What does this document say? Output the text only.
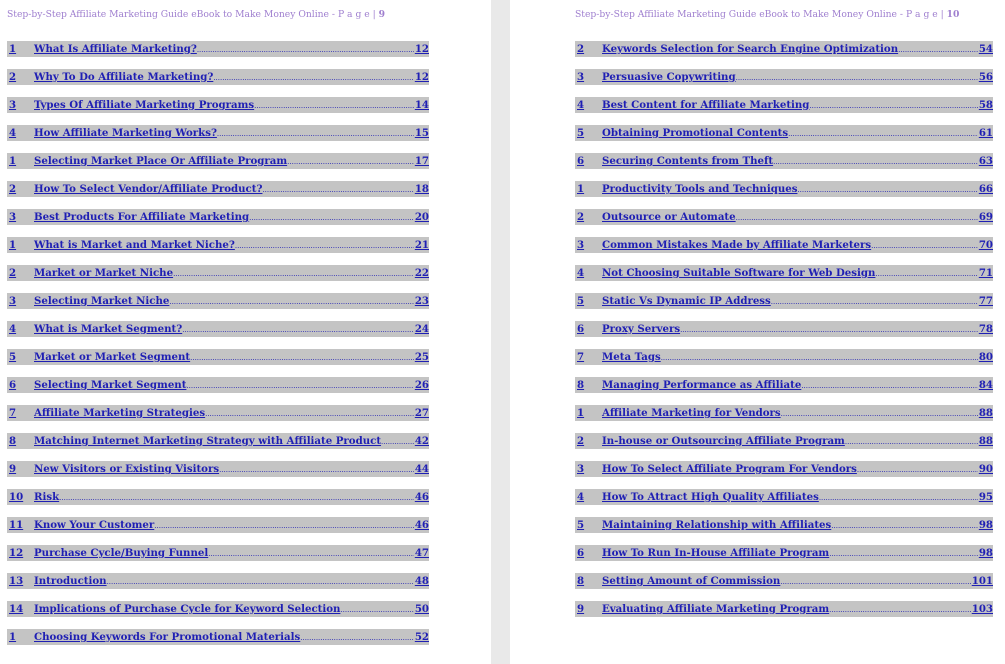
Step-by-Step Affiliate Marketing Guide eBook to Make Money Online - P a g e | 9
1	What Is Affiliate Marketing? .....	12
2	Why To Do Affiliate Marketing? .....	12
3	Types Of Affiliate Marketing Programs .....	14
4	How Affiliate Marketing Works? .....	15
1	Selecting Market Place Or Affiliate Program .....	17
2	How To Select Vendor/Affiliate Product? .....	18
3	Best Products For Affiliate Marketing .....	20
1	What is Market and Market Niche? .....	21
2	Market or Market Niche .....	22
3	Selecting Market Niche .....	23
4	What is Market Segment? .....	24
5	Market or Market Segment .....	25
6	Selecting Market Segment .....	26
7	Affiliate Marketing Strategies .....	27
8	Matching Internet Marketing Strategy with Affiliate Product .....	42
9	New Visitors or Existing Visitors .....	44
10	Risk .....	46
11	Know Your Customer .....	46
12	Purchase Cycle/Buying Funnel .....	47
13	Introduction .....	48
14	Implications of Purchase Cycle for Keyword Selection .....	50
1	Choosing Keywords For Promotional Materials .....	52
Step-by-Step Affiliate Marketing Guide eBook to Make Money Online - P a g e | 10
2	Keywords Selection for Search Engine Optimization .....	54
3	Persuasive Copywriting .....	56
4	Best Content for Affiliate Marketing .....	58
5	Obtaining Promotional Contents .....	61
6	Securing Contents from Theft .....	63
1	Productivity Tools and Techniques .....	66
2	Outsource or Automate .....	69
3	Common Mistakes Made by Affiliate Marketers .....	70
4	Not Choosing Suitable Software for Web Design .....	71
5	Static Vs Dynamic IP Address .....	77
6	Proxy Servers .....	78
7	Meta Tags .....	80
8	Managing Performance as Affiliate .....	84
1	Affiliate Marketing for Vendors .....	88
2	In-house or Outsourcing Affiliate Program .....	88
3	How To Select Affiliate Program For Vendors .....	90
4	How To Attract High Quality Affiliates .....	95
5	Maintaining Relationship with Affiliates .....	98
6	How To Run In-House Affiliate Program .....	98
8	Setting Amount of Commission .....	101
9	Evaluating Affiliate Marketing Program .....	103
